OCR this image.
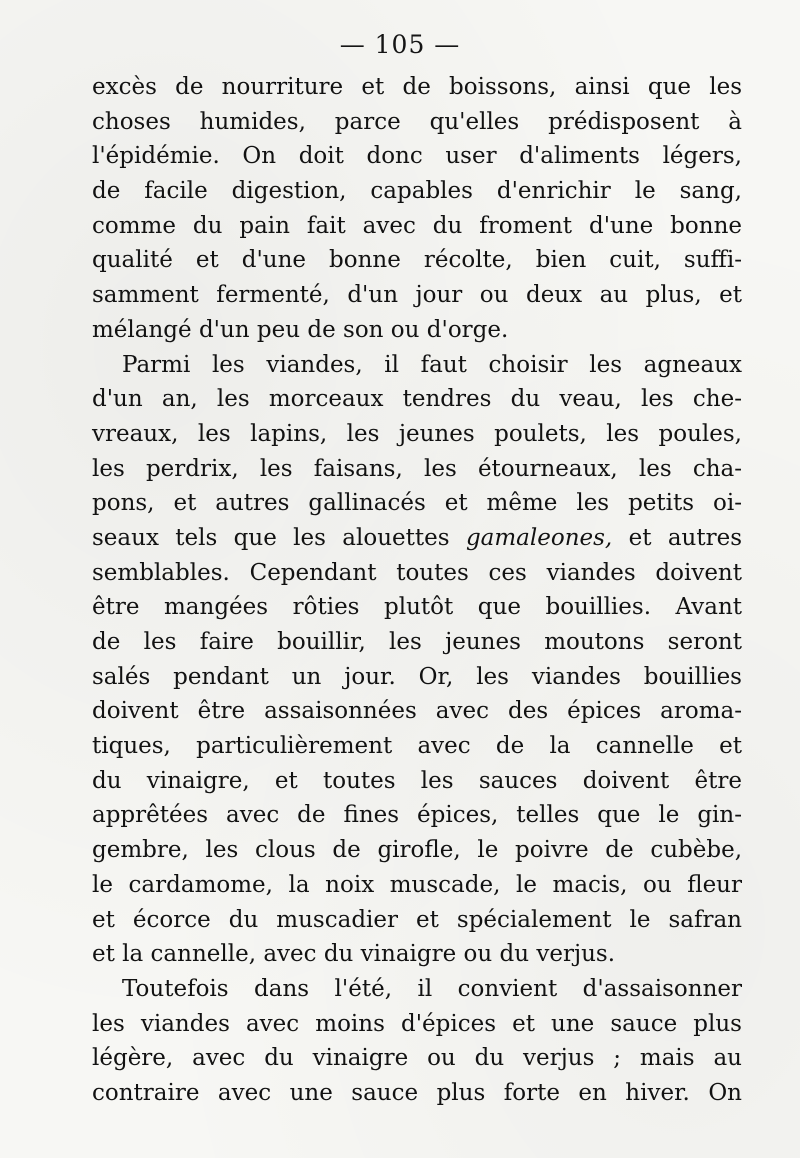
— 105 —
excès de nourriture et de boissons, ainsi que les
choses humides, parce qu'elles prédisposent à
l'épidémie. On doit donc user d'aliments légers,
de facile digestion, capables d'enrichir le sang,
comme du pain fait avec du froment d'une bonne
qualité et d'une bonne récolte, bien cuit, suffi-
samment fermenté, d'un jour ou deux au plus, et
mélangé d'un peu de son ou d'orge.
Parmi les viandes, il faut choisir les agneaux
d'un an, les morceaux tendres du veau, les che-
vreaux, les lapins, les jeunes poulets, les poules,
les perdrix, les faisans, les étourneaux, les cha-
pons, et autres gallinacés et même les petits oi-
seaux tels que les alouettes gamaleones, et autres
semblables. Cependant toutes ces viandes doivent
être mangées rôties plutôt que bouillies. Avant
de les faire bouillir, les jeunes moutons seront
salés pendant un jour. Or, les viandes bouillies
doivent être assaisonnées avec des épices aroma-
tiques, particulièrement avec de la cannelle et
du vinaigre, et toutes les sauces doivent être
apprêtées avec de fines épices, telles que le gin-
gembre, les clous de girofle, le poivre de cubèbe,
le cardamome, la noix muscade, le macis, ou fleur
et écorce du muscadier et spécialement le safran
et la cannelle, avec du vinaigre ou du verjus.
Toutefois dans l'été, il convient d'assaisonner
les viandes avec moins d'épices et une sauce plus
légère, avec du vinaigre ou du verjus ; mais au
contraire avec une sauce plus forte en hiver. On
